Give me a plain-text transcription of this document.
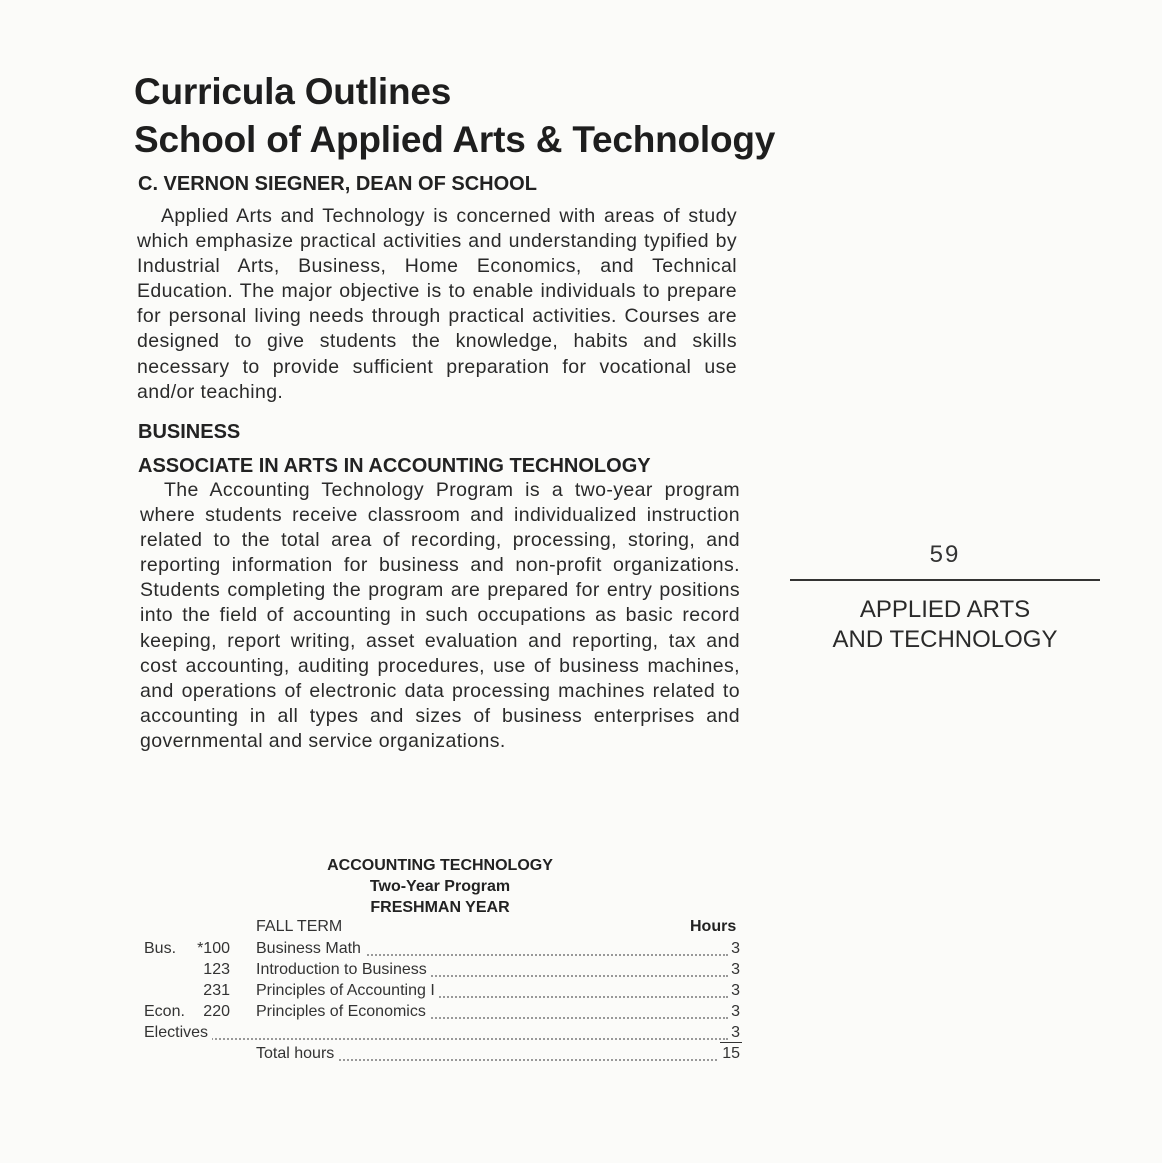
Curricula Outlines
School of Applied Arts & Technology

C. VERNON SIEGNER, DEAN OF SCHOOL

Applied Arts and Technology is concerned with areas of study which emphasize practical activities and understanding typified by Industrial Arts, Business, Home Economics, and Technical Education. The major objective is to enable individuals to prepare for personal living needs through practical activities. Courses are designed to give students the knowledge, habits and skills necessary to provide sufficient preparation for vocational use and/or teaching.

BUSINESS

ASSOCIATE IN ARTS IN ACCOUNTING TECHNOLOGY

The Accounting Technology Program is a two-year program where students receive classroom and individualized instruction related to the total area of recording, processing, storing, and reporting information for business and non-profit organizations. Students completing the program are prepared for entry positions into the field of accounting in such occupations as basic record keeping, report writing, asset evaluation and reporting, tax and cost accounting, auditing procedures, use of business machines, and operations of electronic data processing machines related to accounting in all types and sizes of business enterprises and governmental and service organizations.

59
APPLIED ARTS
AND TECHNOLOGY
ACCOUNTING TECHNOLOGY
Two-Year Program
FRESHMAN YEAR
FALL TERM	Hours
Bus.	*100 Business Math	3
123 Introduction to Business	3
231 Principles of Accounting I	3
Econ.	220 Principles of Economics	3
Electives	3
Total hours	15
